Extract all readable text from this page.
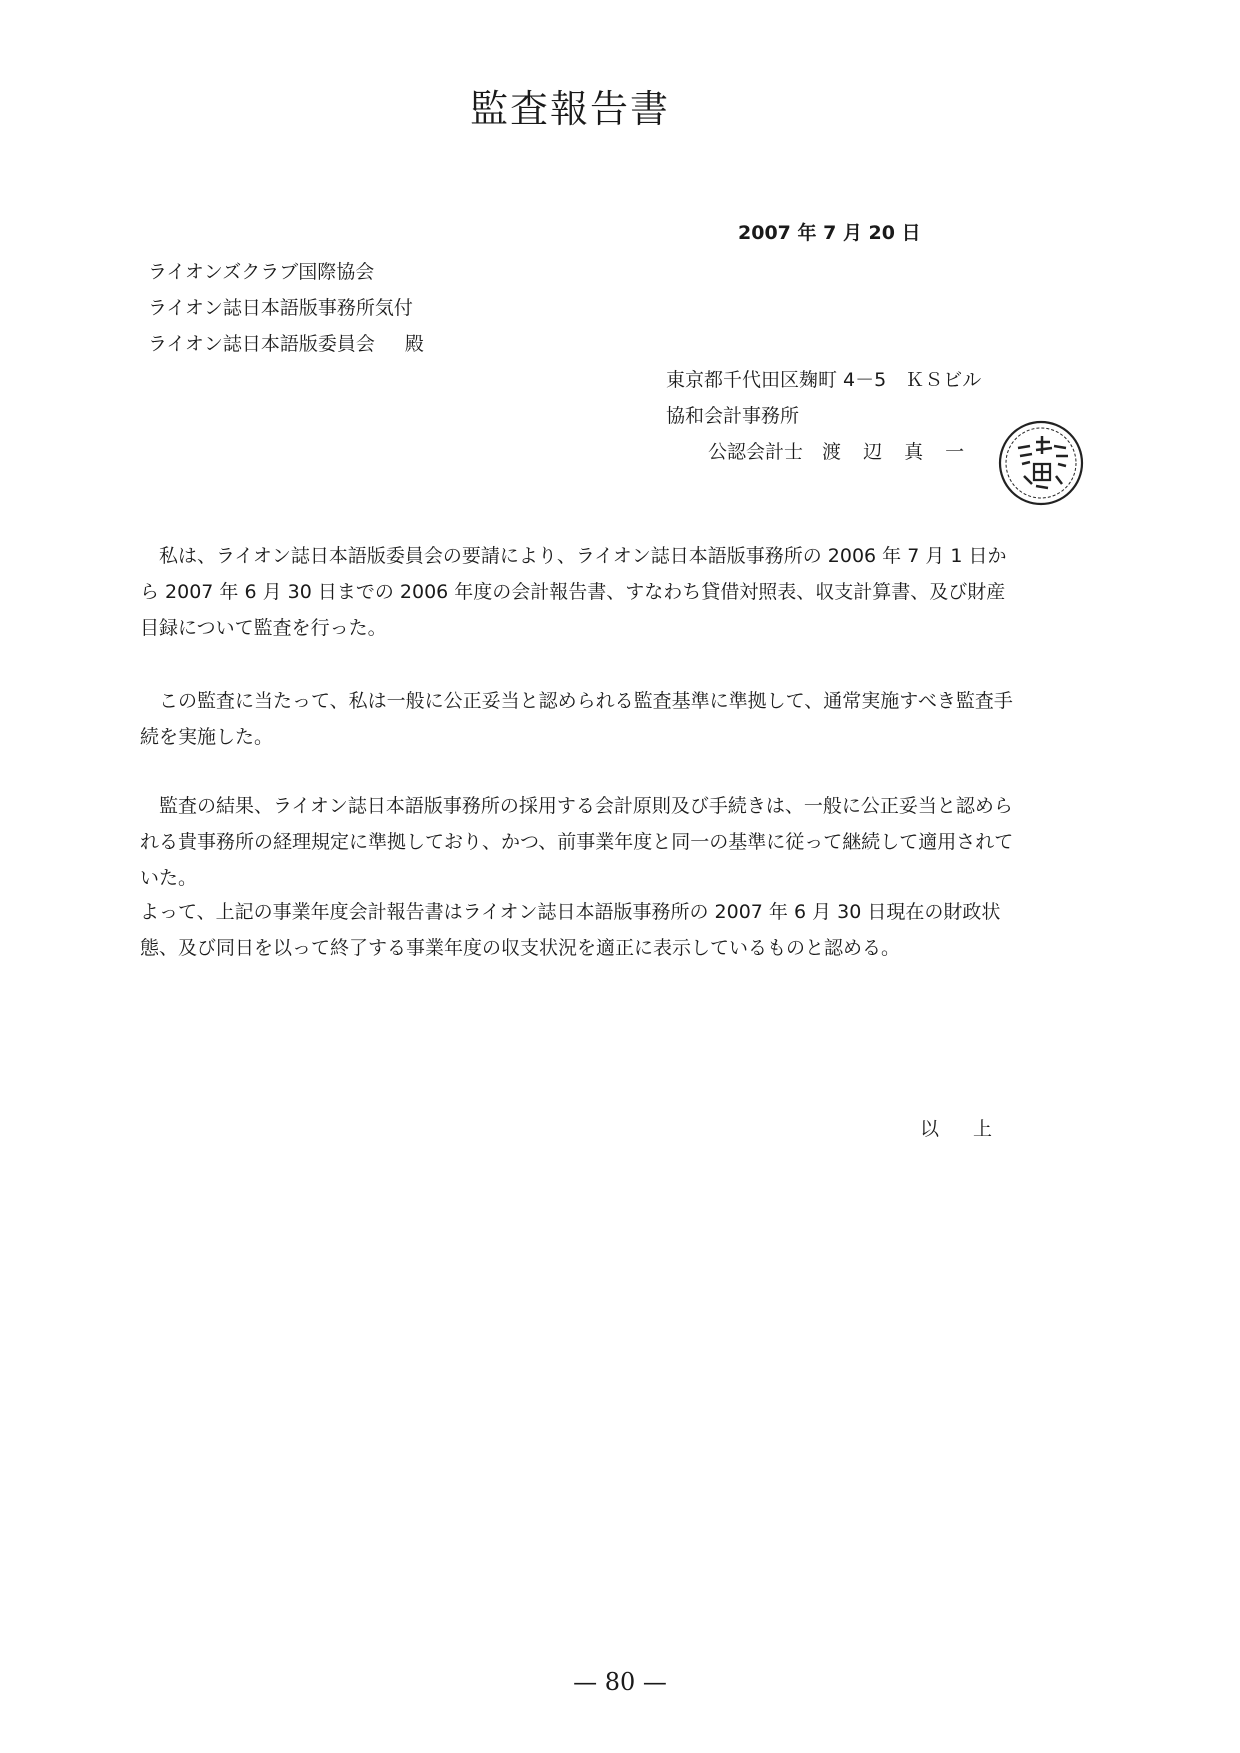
監査報告書
2007 年 7 月 20 日
ライオンズクラブ国際協会
ライオン誌日本語版事務所気付
ライオン誌日本語版委員会 殿
東京都千代田区麹町 4－5　ＫＳビル
協和会計事務所
公認会計士　 渡 辺 真 一
私は、ライオン誌日本語版委員会の要請により、ライオン誌日本語版事務所の 2006 年 7 月 1 日から 2007 年 6 月 30 日までの 2006 年度の会計報告書、すなわち貸借対照表、収支計算書、及び財産目録について監査を行った。
この監査に当たって、私は一般に公正妥当と認められる監査基準に準拠して、通常実施すべき監査手続を実施した。
監査の結果、ライオン誌日本語版事務所の採用する会計原則及び手続きは、一般に公正妥当と認められる貴事務所の経理規定に準拠しており、かつ、前事業年度と同一の基準に従って継続して適用されていた。
よって、上記の事業年度会計報告書はライオン誌日本語版事務所の 2007 年 6 月 30 日現在の財政状態、及び同日を以って終了する事業年度の収支状況を適正に表示しているものと認める。
以 上
— 80 —
